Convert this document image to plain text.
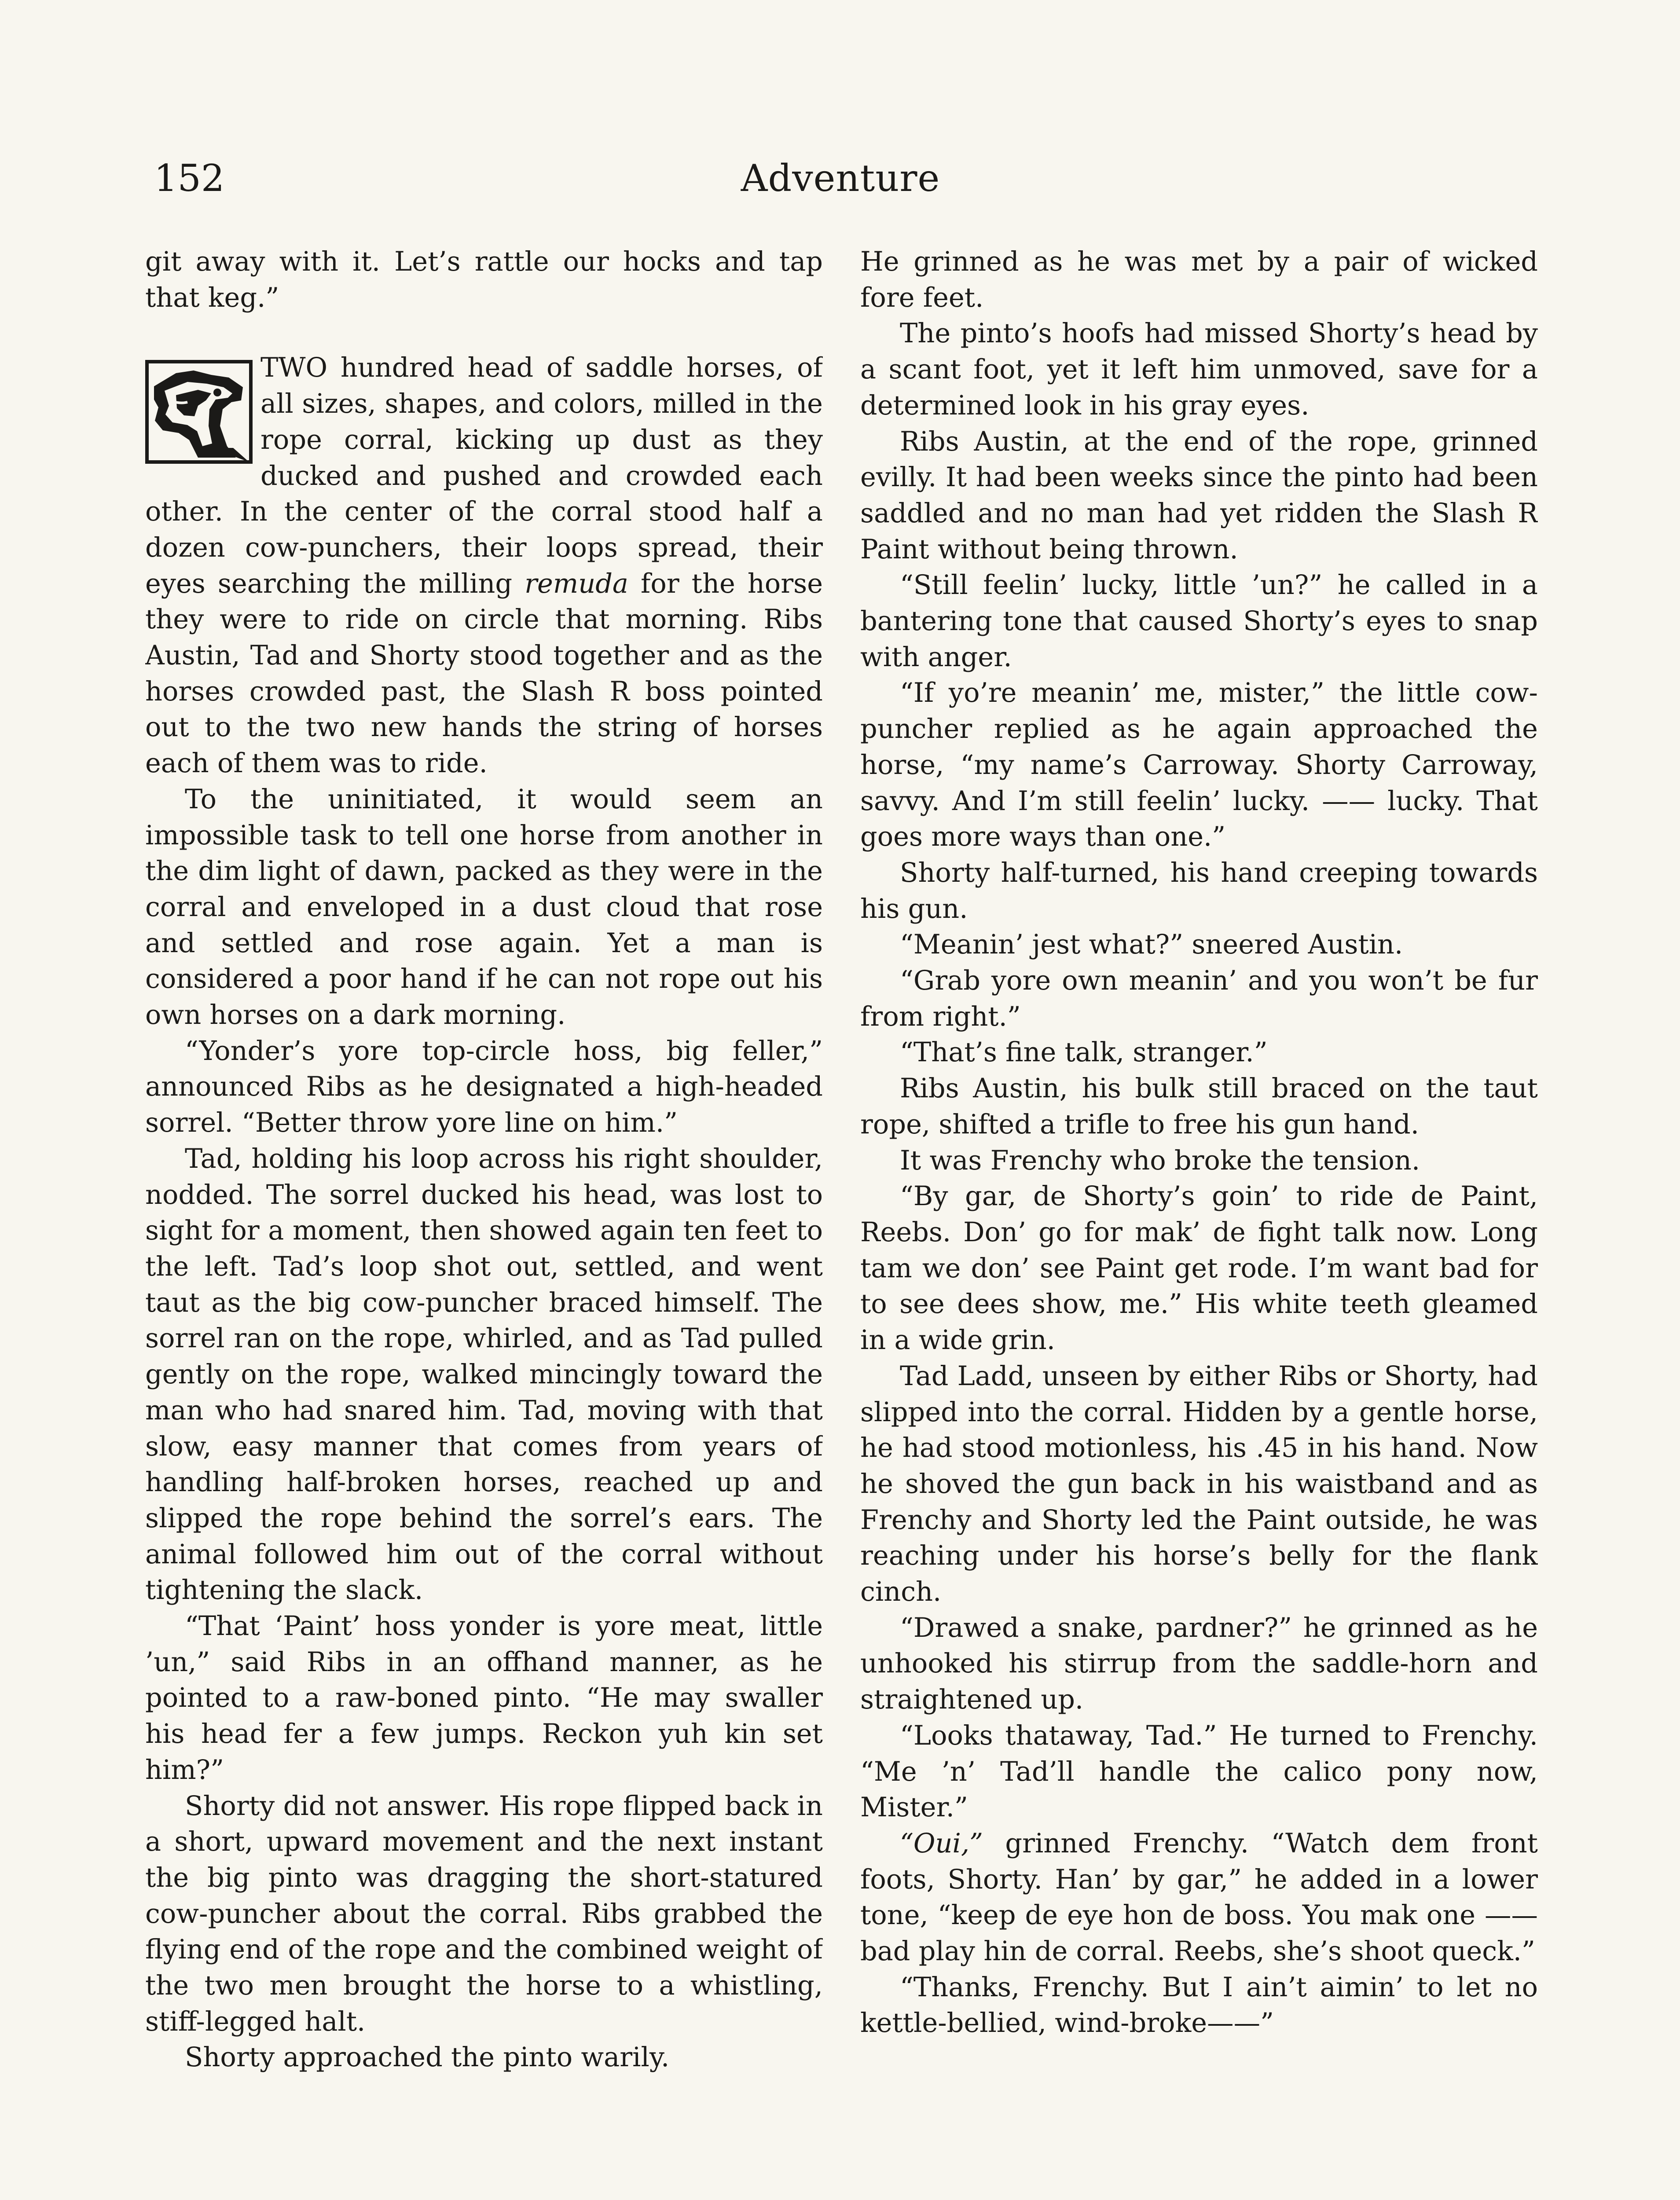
152	Adventure

git away with it. Let’s rattle our hocks and tap that keg.”

TWO hundred head of saddle horses, of all sizes, shapes, and colors, milled in the rope corral, kicking up dust as they ducked and pushed and crowded each other. In the center of the corral stood half a dozen cow-punchers, their loops spread, their eyes searching the milling remuda for the horse they were to ride on circle that morning. Ribs Austin, Tad and Shorty stood together and as the horses crowded past, the Slash R boss pointed out to the two new hands the string of horses each of them was to ride.

To the uninitiated, it would seem an impossible task to tell one horse from another in the dim light of dawn, packed as they were in the corral and enveloped in a dust cloud that rose and settled and rose again. Yet a man is considered a poor hand if he can not rope out his own horses on a dark morning.

“Yonder’s yore top-circle hoss, big feller,” announced Ribs as he designated a high-headed sorrel. “Better throw yore line on him.”

Tad, holding his loop across his right shoulder, nodded. The sorrel ducked his head, was lost to sight for a moment, then showed again ten feet to the left. Tad’s loop shot out, settled, and went taut as the big cow-puncher braced himself. The sorrel ran on the rope, whirled, and as Tad pulled gently on the rope, walked mincingly toward the man who had snared him. Tad, moving with that slow, easy manner that comes from years of handling half-broken horses, reached up and slipped the rope behind the sorrel’s ears. The animal followed him out of the corral without tightening the slack.

“That ‘Paint’ hoss yonder is yore meat, little ’un,” said Ribs in an offhand manner, as he pointed to a raw-boned pinto. “He may swaller his head fer a few jumps. Reckon yuh kin set him?”

Shorty did not answer. His rope flipped back in a short, upward movement and the next instant the big pinto was dragging the short-statured cow-puncher about the corral. Ribs grabbed the flying end of the rope and the combined weight of the two men brought the horse to a whistling, stiff-legged halt.

Shorty approached the pinto warily.

He grinned as he was met by a pair of wicked fore feet.

The pinto’s hoofs had missed Shorty’s head by a scant foot, yet it left him unmoved, save for a determined look in his gray eyes.

Ribs Austin, at the end of the rope, grinned evilly. It had been weeks since the pinto had been saddled and no man had yet ridden the Slash R Paint without being thrown.

“Still feelin’ lucky, little ’un?” he called in a bantering tone that caused Shorty’s eyes to snap with anger.

“If yo’re meanin’ me, mister,” the little cow-puncher replied as he again approached the horse, “my name’s Carroway. Shorty Carroway, savvy. And I’m still feelin’ lucky. —— lucky. That goes more ways than one.”

Shorty half-turned, his hand creeping towards his gun.

“Meanin’ jest what?” sneered Austin.

“Grab yore own meanin’ and you won’t be fur from right.”

“That’s fine talk, stranger.”

Ribs Austin, his bulk still braced on the taut rope, shifted a trifle to free his gun hand.

It was Frenchy who broke the tension.

“By gar, de Shorty’s goin’ to ride de Paint, Reebs. Don’ go for mak’ de fight talk now. Long tam we don’ see Paint get rode. I’m want bad for to see dees show, me.” His white teeth gleamed in a wide grin.

Tad Ladd, unseen by either Ribs or Shorty, had slipped into the corral. Hidden by a gentle horse, he had stood motionless, his .45 in his hand. Now he shoved the gun back in his waistband and as Frenchy and Shorty led the Paint outside, he was reaching under his horse’s belly for the flank cinch.

“Drawed a snake, pardner?” he grinned as he unhooked his stirrup from the saddle-horn and straightened up.

“Looks thataway, Tad.” He turned to Frenchy. “Me ’n’ Tad’ll handle the calico pony now, Mister.”

“Oui,” grinned Frenchy. “Watch dem front foots, Shorty. Han’ by gar,” he added in a lower tone, “keep de eye hon de boss. You mak one —— bad play hin de corral. Reebs, she’s shoot queck.”

“Thanks, Frenchy. But I ain’t aimin’ to let no kettle-bellied, wind-broke——”
